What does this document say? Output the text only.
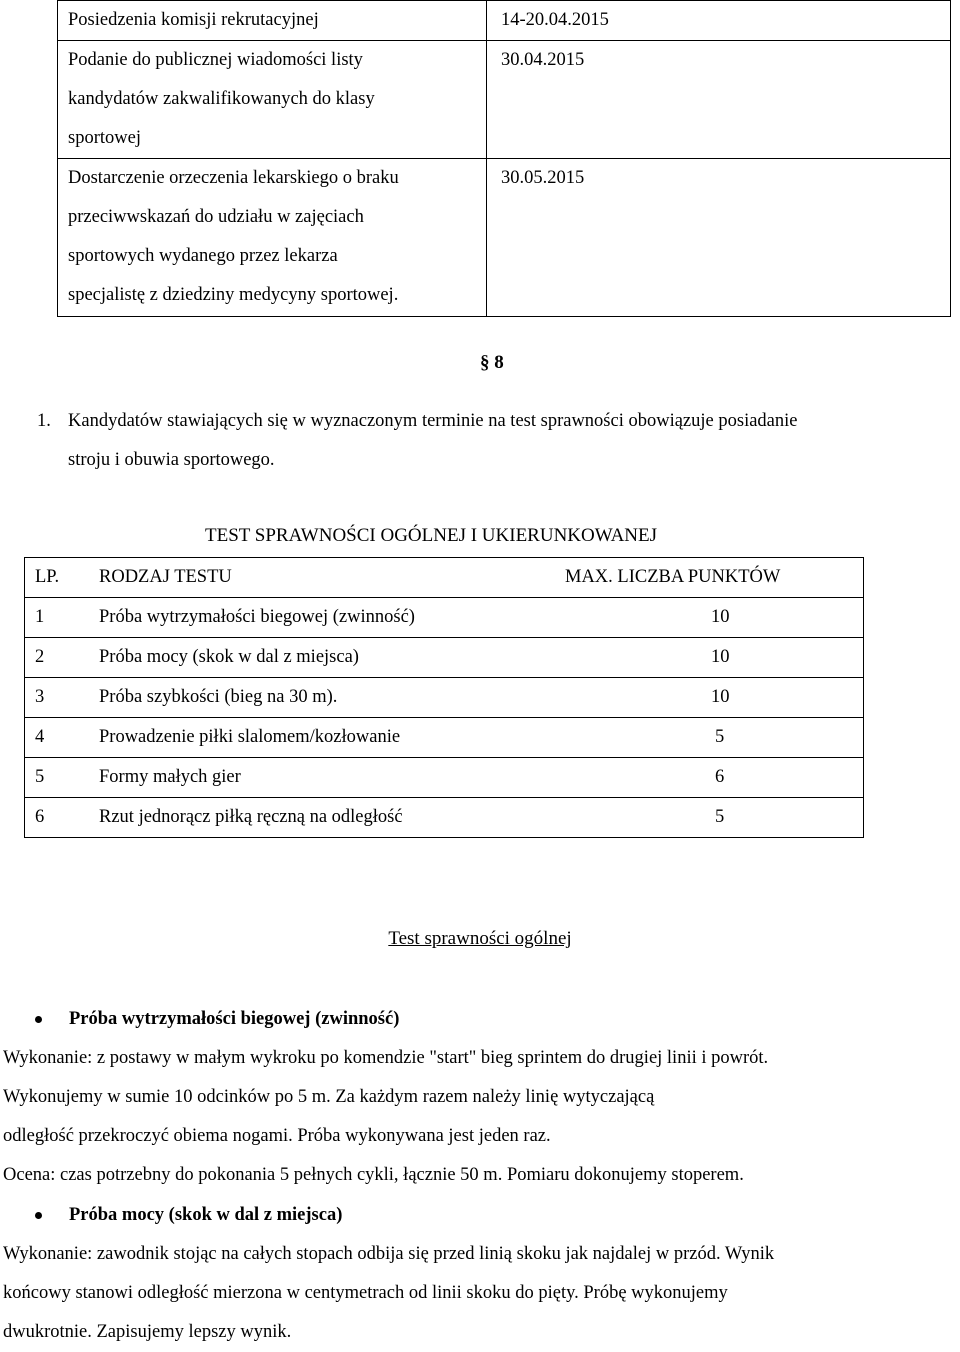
Posiedzenia komisji rekrutacyjnej	14-20.04.2015

Podanie do publicznej wiadomości listy
kandydatów zakwalifikowanych do klasy
sportowej	30.04.2015

Dostarczenie orzeczenia lekarskiego o braku
przeciwwskazań do udziału w zajęciach
sportowych wydanego przez lekarza
specjalistę z dziedziny medycyny sportowej.	30.05.2015
§ 8
1. Kandydatów stawiających się w wyznaczonym terminie na test sprawności obowiązuje posiadanie
stroju i obuwia sportowego.
TEST SPRAWNOŚCI OGÓLNEJ I UKIERUNKOWANEJ
LP.	RODZAJ TESTU	MAX. LICZBA PUNKTÓW
1	Próba wytrzymałości biegowej (zwinność)	10
2	Próba mocy (skok w dal z miejsca)	10
3	Próba szybkości (bieg na 30 m).	10
4	Prowadzenie piłki slalomem/kozłowanie	5
5	Formy małych gier	6
6	Rzut jednorącz piłką ręczną na odległość	5
Test sprawności ogólnej
Próba wytrzymałości biegowej (zwinność)
Wykonanie: z postawy w małym wykroku po komendzie "start" bieg sprintem do drugiej linii i powrót.
Wykonujemy w sumie 10 odcinków po 5 m. Za każdym razem należy linię wytyczającą
odległość przekroczyć obiema nogami. Próba wykonywana jest jeden raz.
Ocena: czas potrzebny do pokonania 5 pełnych cykli, łącznie 50 m. Pomiaru dokonujemy stoperem.
Próba mocy (skok w dal z miejsca)
Wykonanie: zawodnik stojąc na całych stopach odbija się przed linią skoku jak najdalej w przód. Wynik
końcowy stanowi odległość mierzona w centymetrach od linii skoku do pięty. Próbę wykonujemy
dwukrotnie. Zapisujemy lepszy wynik.
